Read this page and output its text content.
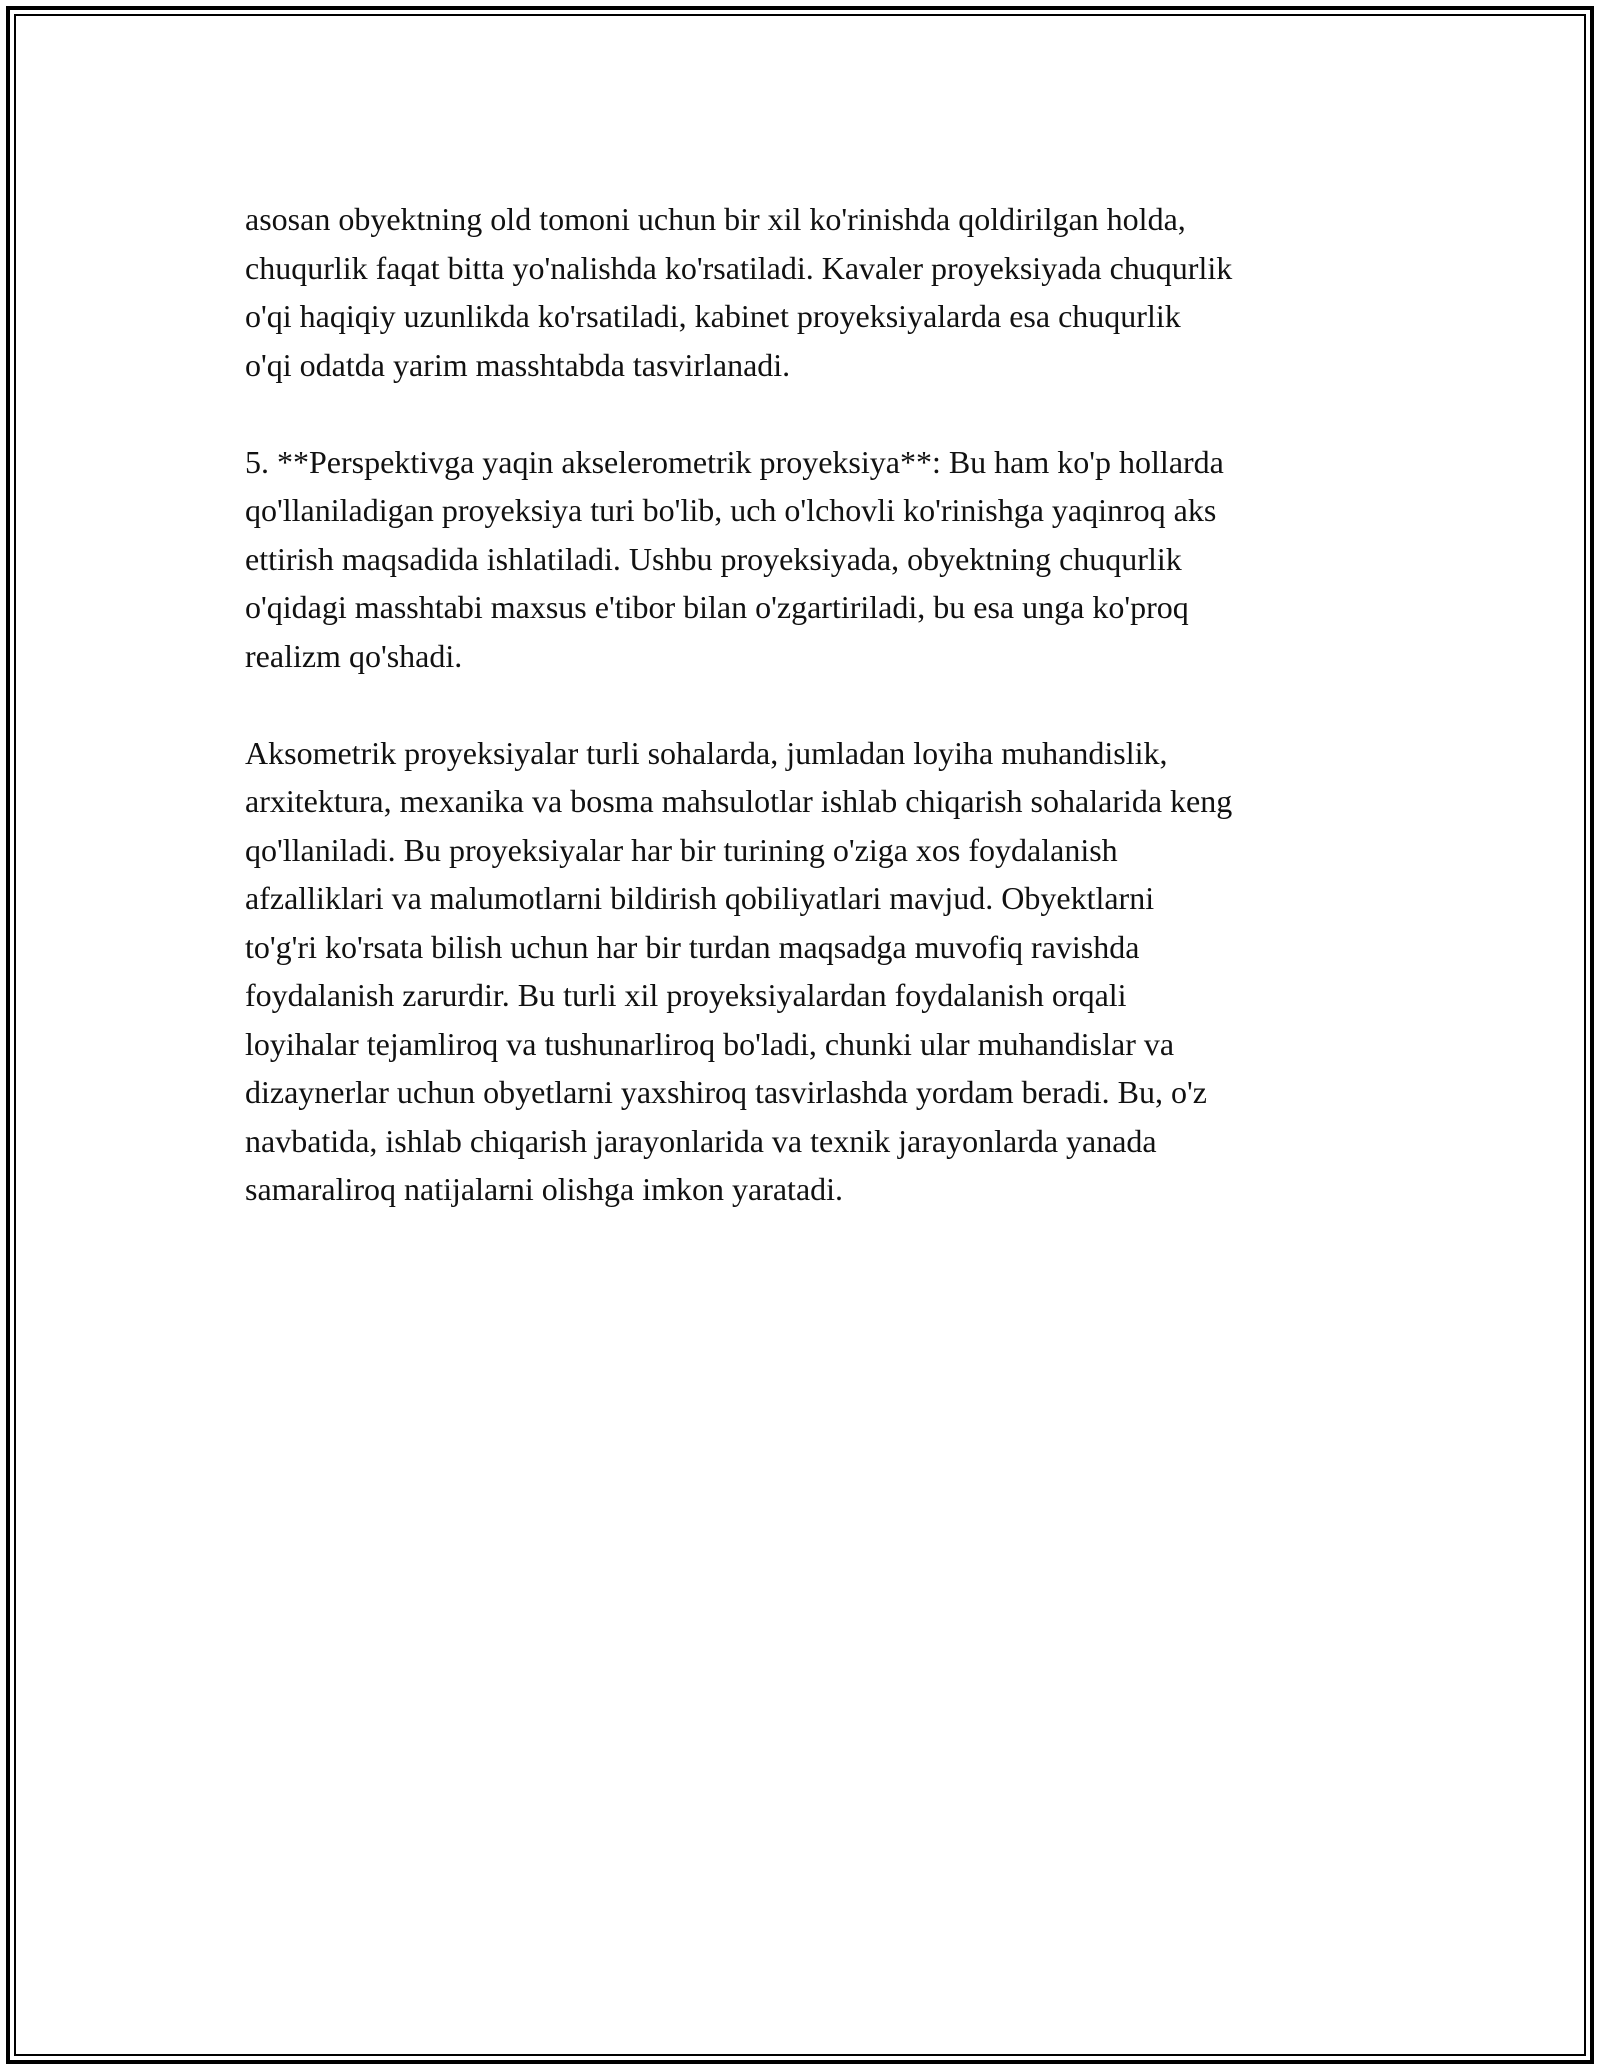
asosan obyektning old tomoni uchun bir xil ko'rinishda qoldirilgan holda,
chuqurlik faqat bitta yo'nalishda ko'rsatiladi. Kavaler proyeksiyada chuqurlik
o'qi haqiqiy uzunlikda ko'rsatiladi, kabinet proyeksiyalarda esa chuqurlik
o'qi odatda yarim masshtabda tasvirlanadi.
5. **Perspektivga yaqin akselerometrik proyeksiya**: Bu ham ko'p hollarda
qo'llaniladigan proyeksiya turi bo'lib, uch o'lchovli ko'rinishga yaqinroq aks
ettirish maqsadida ishlatiladi. Ushbu proyeksiyada, obyektning chuqurlik
o'qidagi masshtabi maxsus e'tibor bilan o'zgartiriladi, bu esa unga ko'proq
realizm qo'shadi.
Aksometrik proyeksiyalar turli sohalarda, jumladan loyiha muhandislik,
arxitektura, mexanika va bosma mahsulotlar ishlab chiqarish sohalarida keng
qo'llaniladi. Bu proyeksiyalar har bir turining o'ziga xos foydalanish
afzalliklari va malumotlarni bildirish qobiliyatlari mavjud. Obyektlarni
to'g'ri ko'rsata bilish uchun har bir turdan maqsadga muvofiq ravishda
foydalanish zarurdir. Bu turli xil proyeksiyalardan foydalanish orqali
loyihalar tejamliroq va tushunarliroq bo'ladi, chunki ular muhandislar va
dizaynerlar uchun obyetlarni yaxshiroq tasvirlashda yordam beradi. Bu, o'z
navbatida, ishlab chiqarish jarayonlarida va texnik jarayonlarda yanada
samaraliroq natijalarni olishga imkon yaratadi.
